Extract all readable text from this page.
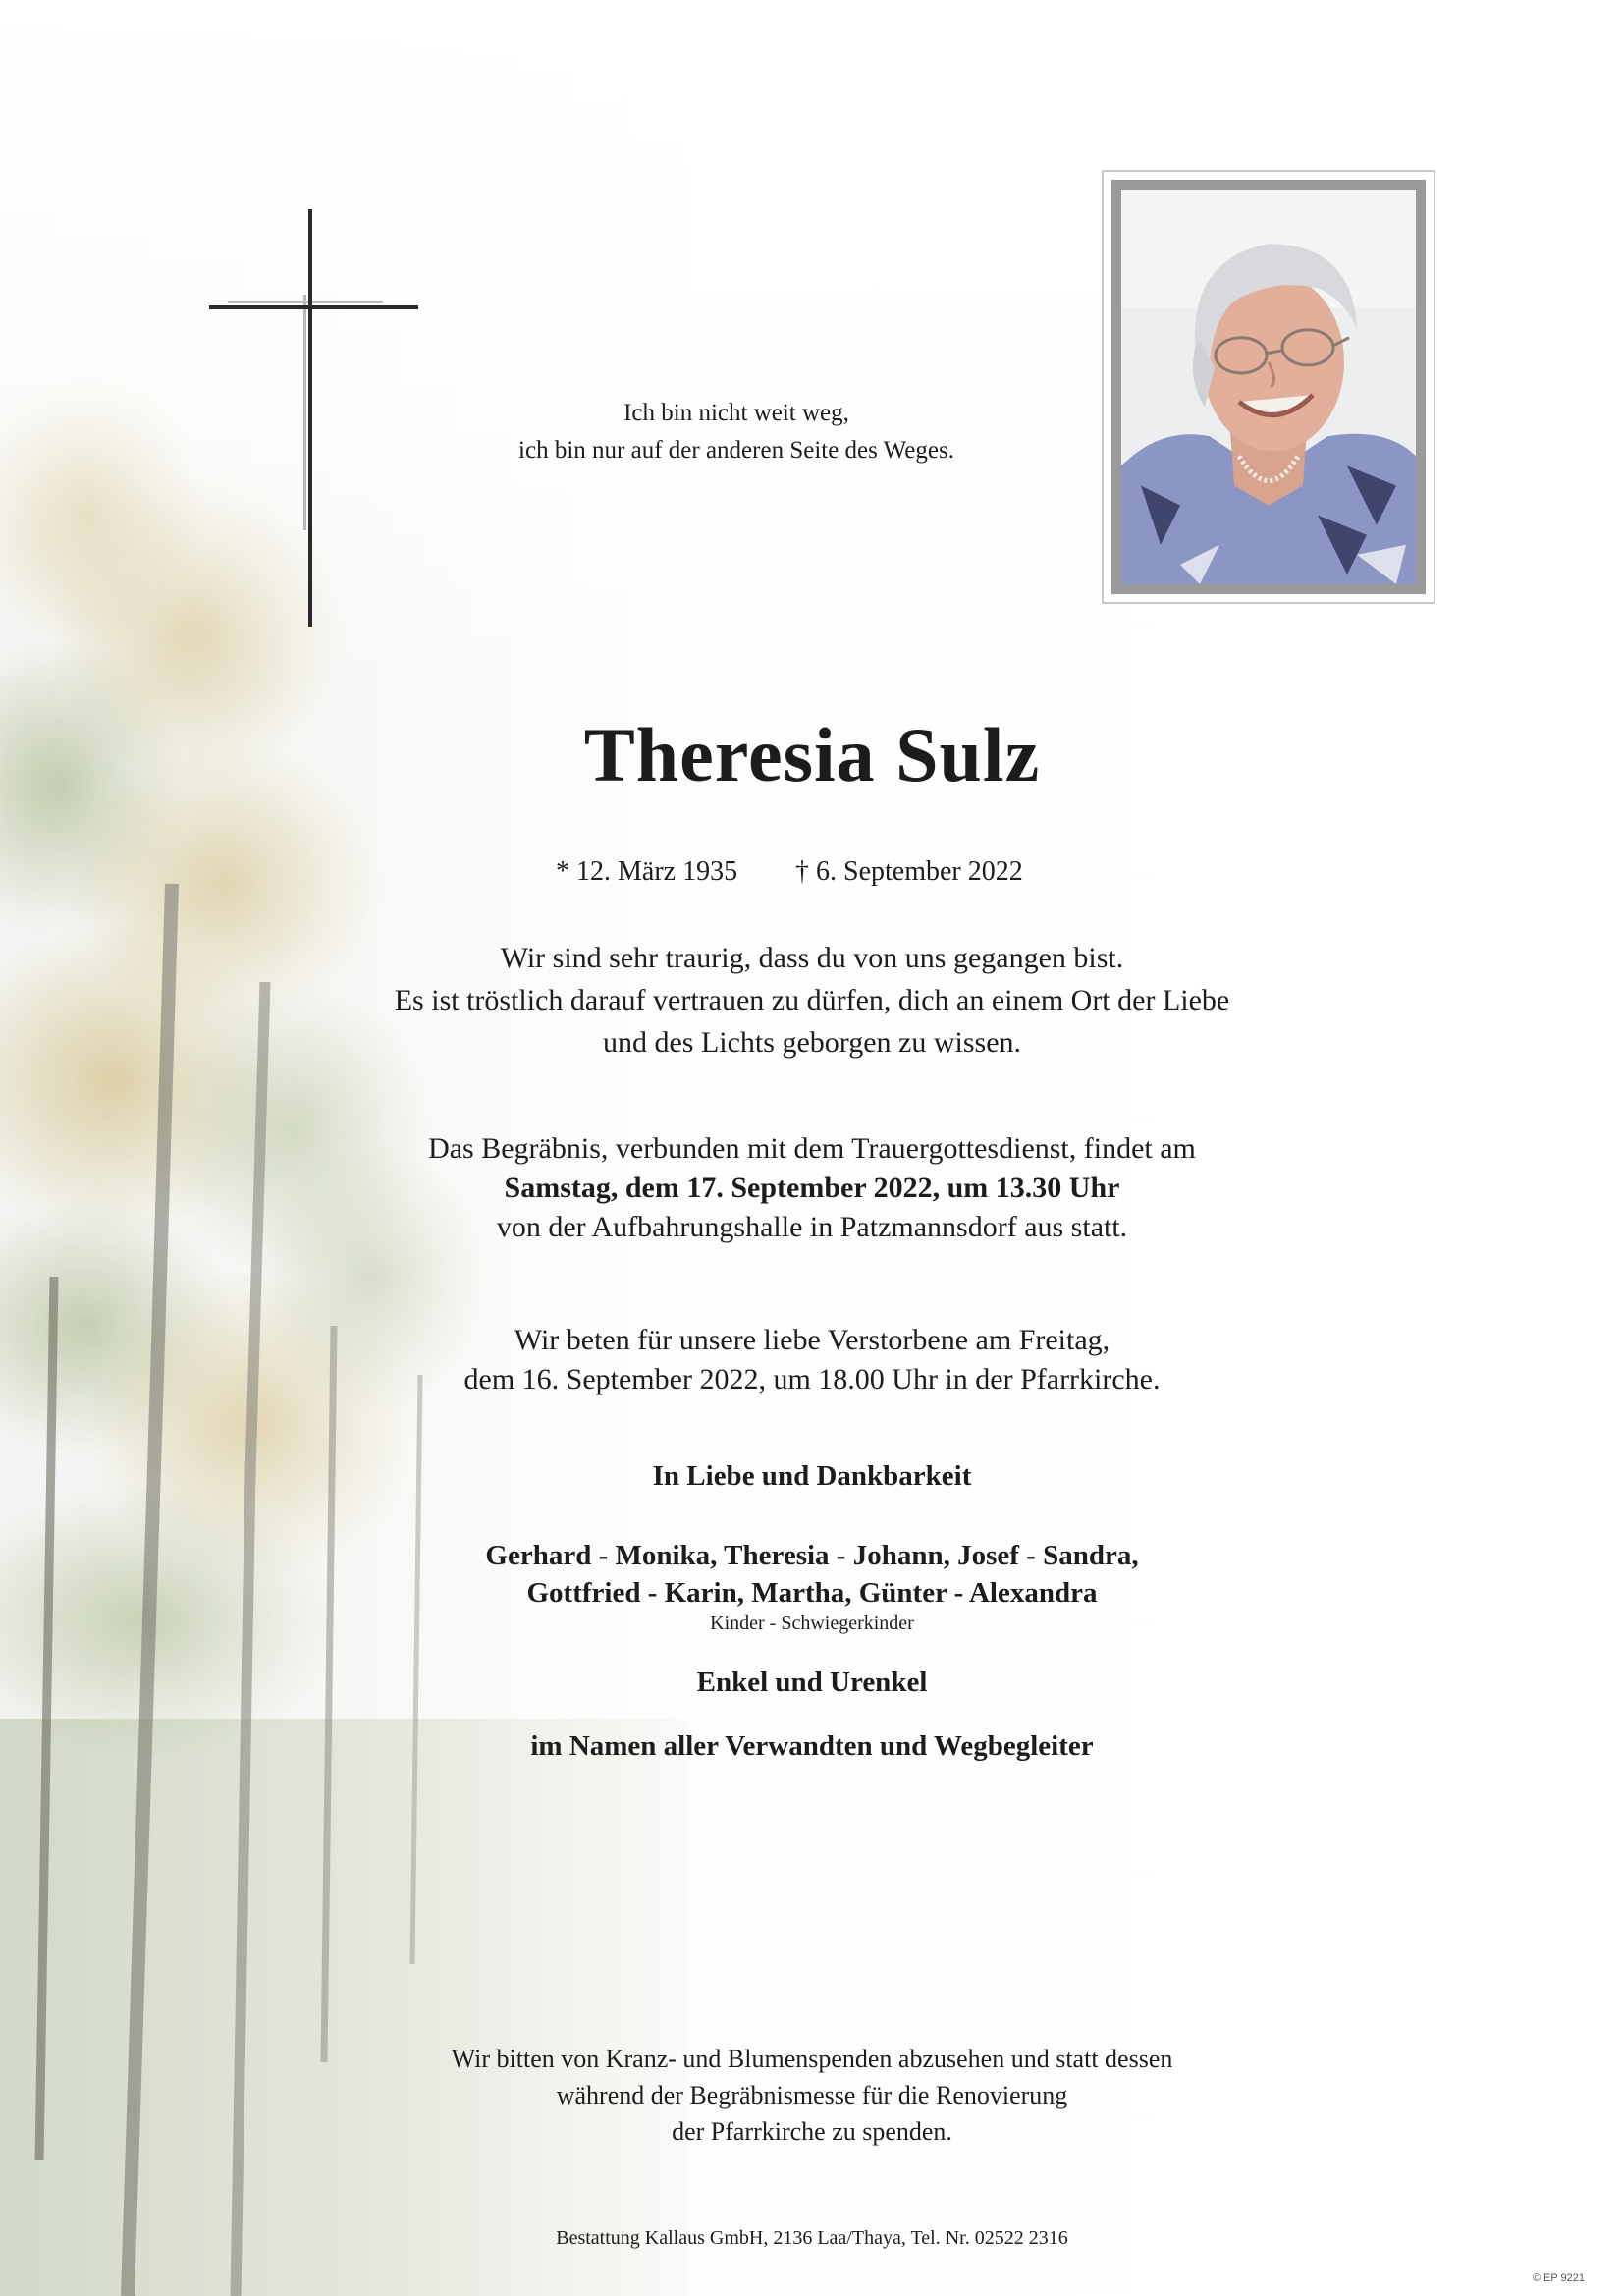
Ich bin nicht weit weg,
ich bin nur auf der anderen Seite des Weges.
Theresia Sulz
* 12. März 1935 † 6. September 2022
Wir sind sehr traurig, dass du von uns gegangen bist.
Es ist tröstlich darauf vertrauen zu dürfen, dich an einem Ort der Liebe
und des Lichts geborgen zu wissen.
Das Begräbnis, verbunden mit dem Trauergottesdienst, findet am
Samstag, dem 17. September 2022, um 13.30 Uhr
von der Aufbahrungshalle in Patzmannsdorf aus statt.
Wir beten für unsere liebe Verstorbene am Freitag,
dem 16. September 2022, um 18.00 Uhr in der Pfarrkirche.
In Liebe und Dankbarkeit
Gerhard - Monika, Theresia - Johann, Josef - Sandra,
Gottfried - Karin, Martha, Günter - Alexandra
Kinder - Schwiegerkinder
Enkel und Urenkel
im Namen aller Verwandten und Wegbegleiter
Wir bitten von Kranz- und Blumenspenden abzusehen und statt dessen
während der Begräbnismesse für die Renovierung
der Pfarrkirche zu spenden.
Bestattung Kallaus GmbH, 2136 Laa/Thaya, Tel. Nr. 02522 2316
© EP 9221
